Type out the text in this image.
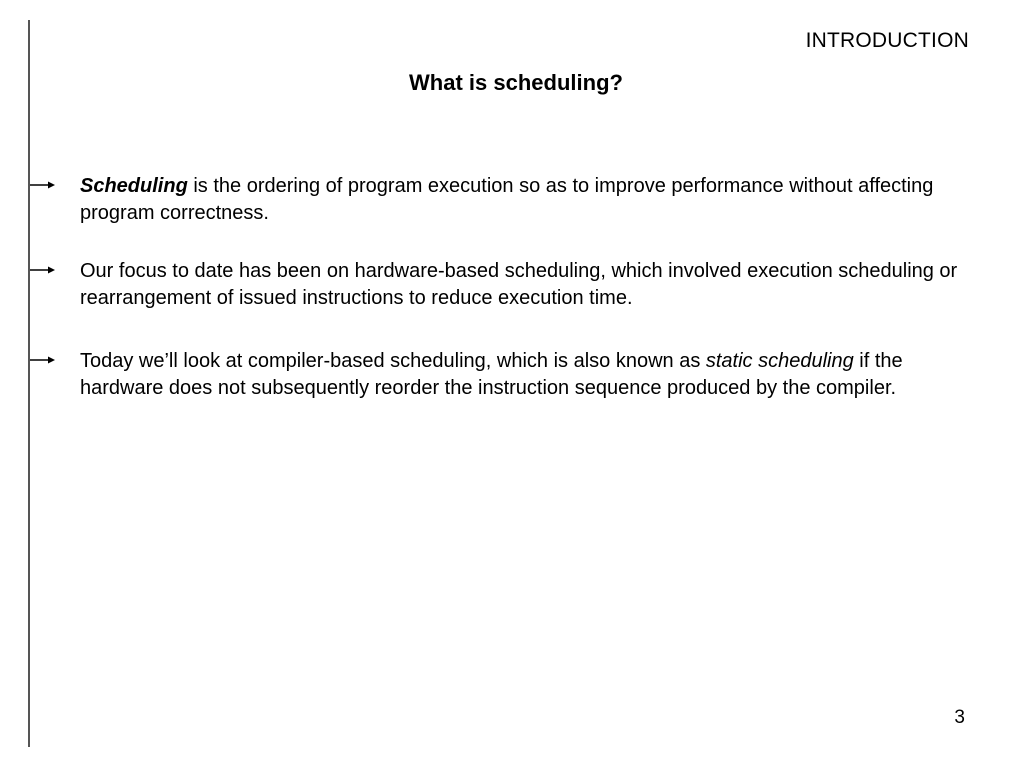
INTRODUCTION
What is scheduling?
Scheduling is the ordering of program execution so as to improve performance without affecting program correctness.
Our focus to date has been on hardware-based scheduling, which involved execution scheduling or rearrangement of issued instructions to reduce execution time.
Today we’ll look at compiler-based scheduling, which is also known as static scheduling if the hardware does not subsequently reorder the instruction sequence produced by the compiler.
3
